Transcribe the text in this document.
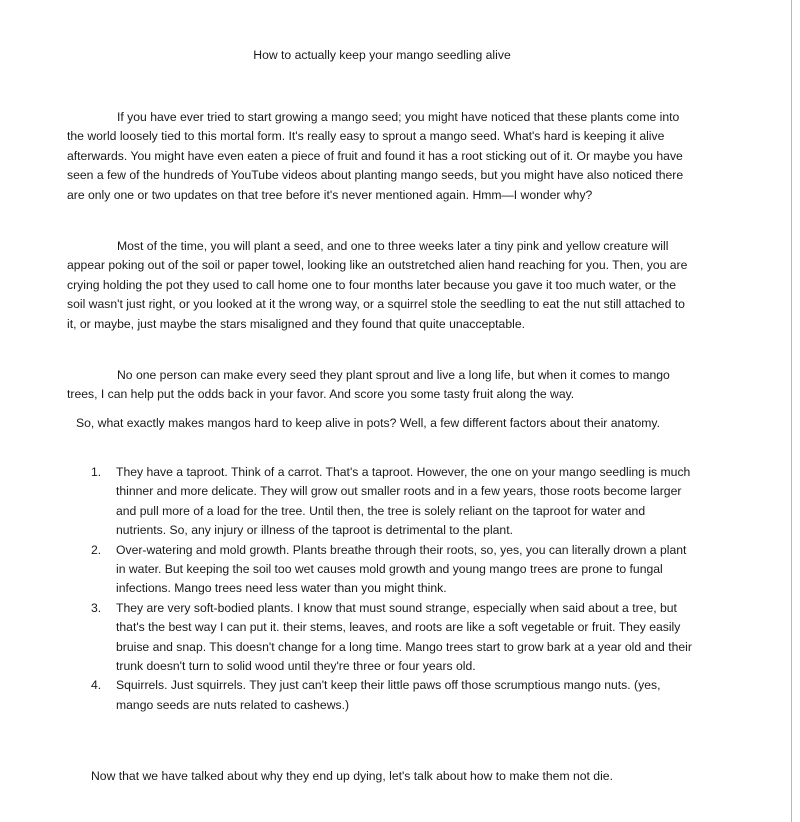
How to actually keep your mango seedling alive

If you have ever tried to start growing a mango seed; you might have noticed that these plants come into the world loosely tied to this mortal form. It's really easy to sprout a mango seed. What's hard is keeping it alive afterwards. You might have even eaten a piece of fruit and found it has a root sticking out of it. Or maybe you have seen a few of the hundreds of YouTube videos about planting mango seeds, but you might have also noticed there are only one or two updates on that tree before it's never mentioned again. Hmm—I wonder why?

Most of the time, you will plant a seed, and one to three weeks later a tiny pink and yellow creature will appear poking out of the soil or paper towel, looking like an outstretched alien hand reaching for you. Then, you are crying holding the pot they used to call home one to four months later because you gave it too much water, or the soil wasn't just right, or you looked at it the wrong way, or a squirrel stole the seedling to eat the nut still attached to it, or maybe, just maybe the stars misaligned and they found that quite unacceptable.

No one person can make every seed they plant sprout and live a long life, but when it comes to mango trees, I can help put the odds back in your favor. And score you some tasty fruit along the way.

So, what exactly makes mangos hard to keep alive in pots? Well, a few different factors about their anatomy.

1. They have a taproot. Think of a carrot. That's a taproot. However, the one on your mango seedling is much thinner and more delicate. They will grow out smaller roots and in a few years, those roots become larger and pull more of a load for the tree. Until then, the tree is solely reliant on the taproot for water and nutrients. So, any injury or illness of the taproot is detrimental to the plant.
2. Over-watering and mold growth. Plants breathe through their roots, so, yes, you can literally drown a plant in water. But keeping the soil too wet causes mold growth and young mango trees are prone to fungal infections. Mango trees need less water than you might think.
3. They are very soft-bodied plants. I know that must sound strange, especially when said about a tree, but that's the best way I can put it. their stems, leaves, and roots are like a soft vegetable or fruit. They easily bruise and snap. This doesn't change for a long time. Mango trees start to grow bark at a year old and their trunk doesn't turn to solid wood until they're three or four years old.
4. Squirrels. Just squirrels. They just can't keep their little paws off those scrumptious mango nuts. (yes, mango seeds are nuts related to cashews.)

Now that we have talked about why they end up dying, let's talk about how to make them not die.
